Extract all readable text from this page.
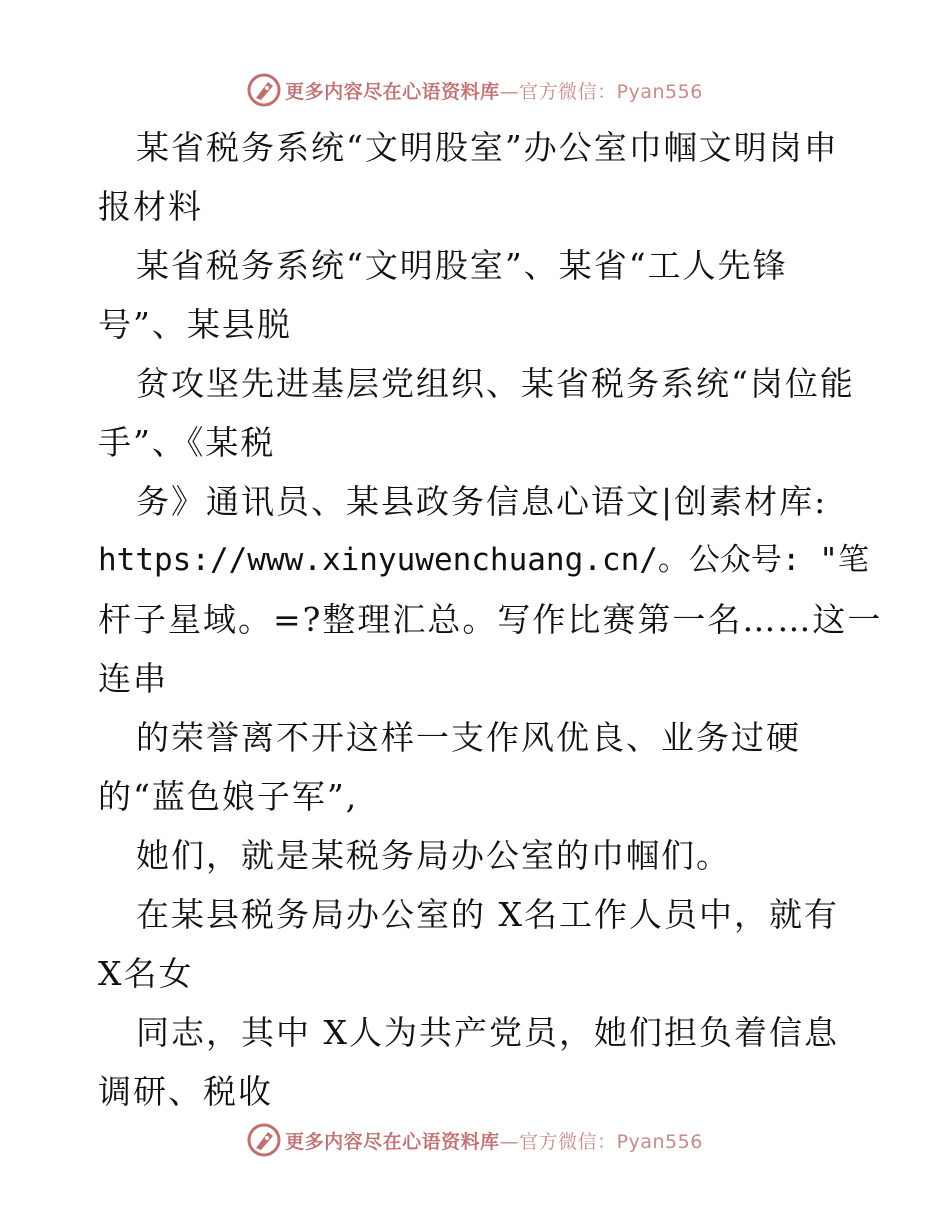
更多内容尽在心语资料库—官方微信：Pyan556
某省税务系统“文明股室”办公室巾帼文明岗申
报材料
某省税务系统“文明股室”、某省“工人先锋
号”、某县脱
贫攻坚先进基层党组织、某省税务系统“岗位能
手”、《某税
务》通讯员、某县政务信息心语文|创素材库:
https://www.xinyuwenchuang.cn/。公众号: "笔
杆子星域。=?整理汇总。写作比赛第一名……这一
连串
的荣誉离不开这样一支作风优良、业务过硬
的“蓝色娘子军”,
她们，就是某税务局办公室的巾帼们。
在某县税务局办公室的 X名工作人员中，就有
X名女
同志，其中 X人为共产党员，她们担负着信息
调研、税收
更多内容尽在心语资料库—官方微信：Pyan556
